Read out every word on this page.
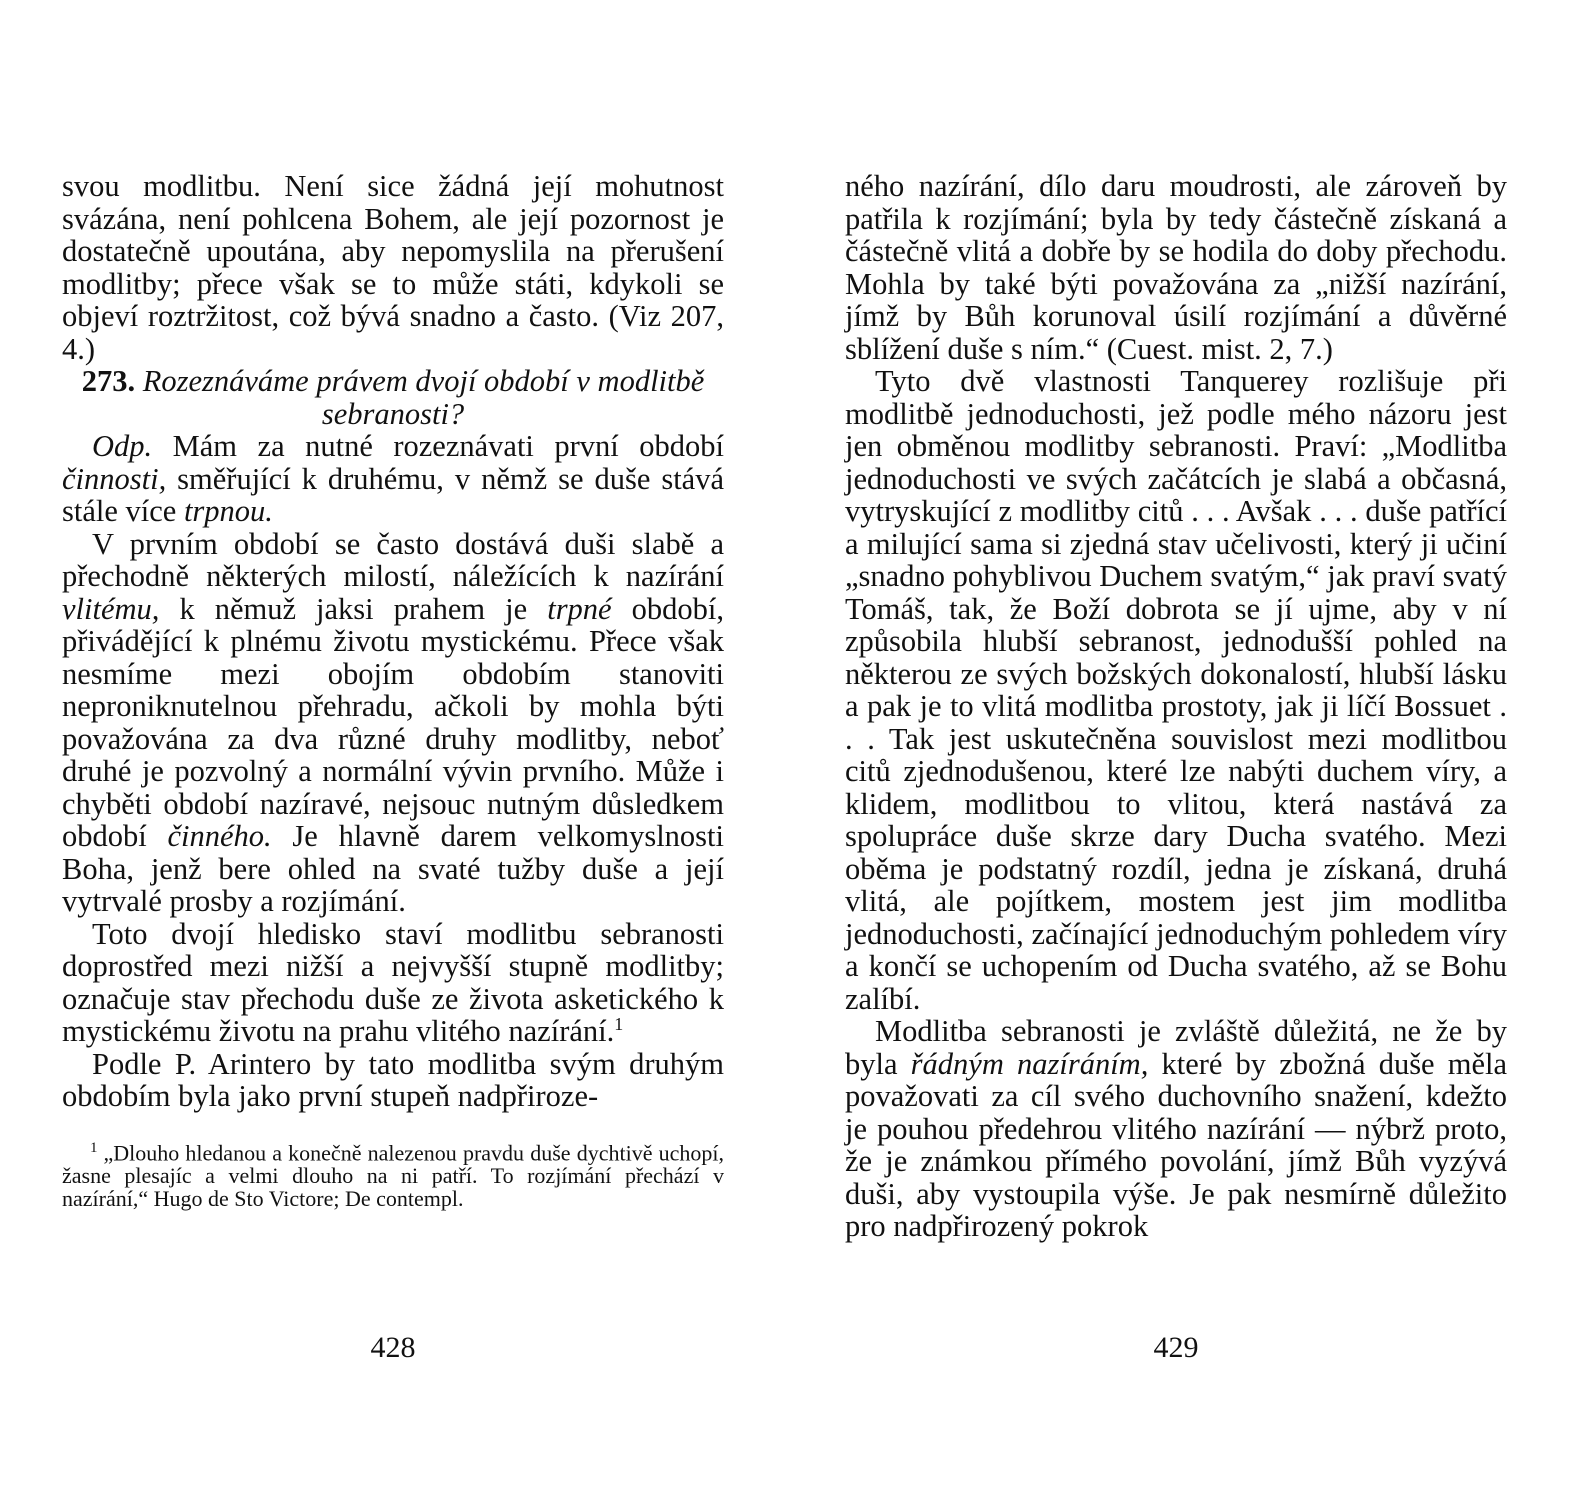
svou modlitbu. Není sice žádná její mohutnost svázána, není pohlcena Bohem, ale její pozornost je dostatečně upoutána, aby nepomyslila na přerušení modlitby; přece však se to může státi, kdykoli se objeví roztržitost, což bývá snadno a často. (Viz 207, 4.)

273. Rozeznáváme právem dvojí období v modlitbě sebranosti?

Odp. Mám za nutné rozeznávati první období činnosti, směřující k druhému, v němž se duše stává stále více trpnou.

V prvním období se často dostává duši slabě a přechodně některých milostí, náležících k nazírání vlitému, k němuž jaksi prahem je trpné období, přivádějící k plnému životu mystickému. Přece však nesmíme mezi obojím obdobím stanoviti neproniknutelnou přehradu, ačkoli by mohla býti považována za dva různé druhy modlitby, neboť druhé je pozvolný a normální vývin prvního. Může i chyběti období nazíravé, nejsouc nutným důsledkem období činného. Je hlavně darem velkomyslnosti Boha, jenž bere ohled na svaté tužby duše a její vytrvalé prosby a rozjímání.

Toto dvojí hledisko staví modlitbu sebranosti doprostřed mezi nižší a nejvyšší stupně modlitby; označuje stav přechodu duše ze života asketického k mystickému životu na prahu vlitého nazírání.$^1$

Podle P. Arintero by tato modlitba svým druhým obdobím byla jako první stupeň nadpřiroze-

$^1$ „Dlouho hledanou a konečně nalezenou pravdu duše dychtivě uchopí, žasne plesajíc a velmi dlouho na ni patří. To rozjímání přechází v nazírání,“ Hugo de Sto Victore; De contempl.
428

ného nazírání, dílo daru moudrosti, ale zároveň by patřila k rozjímání; byla by tedy částečně získaná a částečně vlitá a dobře by se hodila do doby přechodu. Mohla by také býti považována za „nižší nazírání, jímž by Bůh korunoval úsilí rozjímání a důvěrné sblížení duše s ním.“ (Cuest. mist. 2, 7.)

Tyto dvě vlastnosti Tanquerey rozlišuje při modlitbě jednoduchosti, jež podle mého názoru jest jen obměnou modlitby sebranosti. Praví: „Modlitba jednoduchosti ve svých začátcích je slabá a občasná, vytryskující z modlitby citů . . . Avšak . . . duše patřící a milující sama si zjedná stav učelivosti, který ji učiní „snadno pohyblivou Duchem svatým,“ jak praví svatý Tomáš, tak, že Boží dobrota se jí ujme, aby v ní způsobila hlubší sebranost, jednodušší pohled na některou ze svých božských dokonalostí, hlubší lásku a pak je to vlitá modlitba prostoty, jak ji líčí Bossuet . . . Tak jest uskutečněna souvislost mezi modlitbou citů zjednodušenou, které lze nabýti duchem víry, a klidem, modlitbou to vlitou, která nastává za spolupráce duše skrze dary Ducha svatého. Mezi oběma je podstatný rozdíl, jedna je získaná, druhá vlitá, ale pojítkem, mostem jest jim modlitba jednoduchosti, začínající jednoduchým pohledem víry a končí se uchopením od Ducha svatého, až se Bohu zalíbí.

Modlitba sebranosti je zvláště důležitá, ne že by byla řádným nazíráním, které by zbožná duše měla považovati za cíl svého duchovního snažení, kdežto je pouhou předehrou vlitého nazírání — nýbrž proto, že je známkou přímého povolání, jímž Bůh vyzývá duši, aby vystoupila výše. Je pak nesmírně důležito pro nadpřirozený pokrok

429
